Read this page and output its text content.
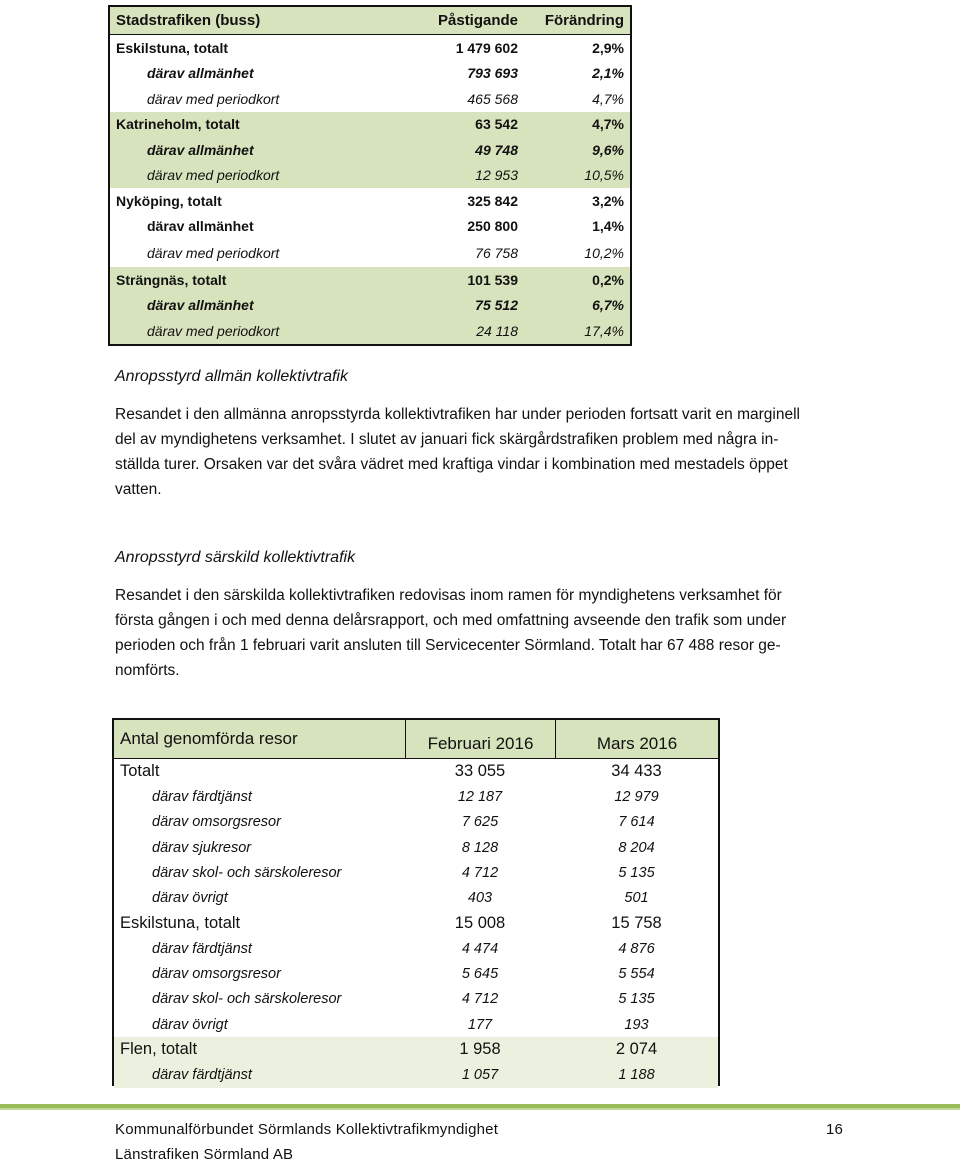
Stadstrafiken (buss)	Påstigande	Förändring
Eskilstuna, totalt	1 479 602	2,9%
därav allmänhet	793 693	2,1%
därav med periodkort	465 568	4,7%
Katrineholm, totalt	63 542	4,7%
därav allmänhet	49 748	9,6%
därav med periodkort	12 953	10,5%
Nyköping, totalt	325 842	3,2%
därav allmänhet	250 800	1,4%
därav med periodkort	76 758	10,2%
Strängnäs, totalt	101 539	0,2%
därav allmänhet	75 512	6,7%
därav med periodkort	24 118	17,4%
Anropsstyrd allmän kollektivtrafik
Resandet i den allmänna anropsstyrda kollektivtrafiken har under perioden fortsatt varit en marginell
del av myndighetens verksamhet. I slutet av januari fick skärgårdstrafiken problem med några in-
ställda turer. Orsaken var det svåra vädret med kraftiga vindar i kombination med mestadels öppet
vatten.
Anropsstyrd särskild kollektivtrafik
Resandet i den särskilda kollektivtrafiken redovisas inom ramen för myndighetens verksamhet för
första gången i och med denna delårsrapport, och med omfattning avseende den trafik som under
perioden och från 1 februari varit ansluten till Servicecenter Sörmland. Totalt har 67 488 resor ge-
nomförts.
Antal genomförda resor	Februari 2016	Mars 2016
Totalt	33 055	34 433
därav färdtjänst	12 187	12 979
därav omsorgsresor	7 625	7 614
därav sjukresor	8 128	8 204
därav skol- och särskoleresor	4 712	5 135
därav övrigt	403	501
Eskilstuna, totalt	15 008	15 758
därav färdtjänst	4 474	4 876
därav omsorgsresor	5 645	5 554
därav skol- och särskoleresor	4 712	5 135
därav övrigt	177	193
Flen, totalt	1 958	2 074
därav färdtjänst	1 057	1 188
Kommunalförbundet Sörmlands Kollektivtrafikmyndighet	16
Länstrafiken Sörmland AB
